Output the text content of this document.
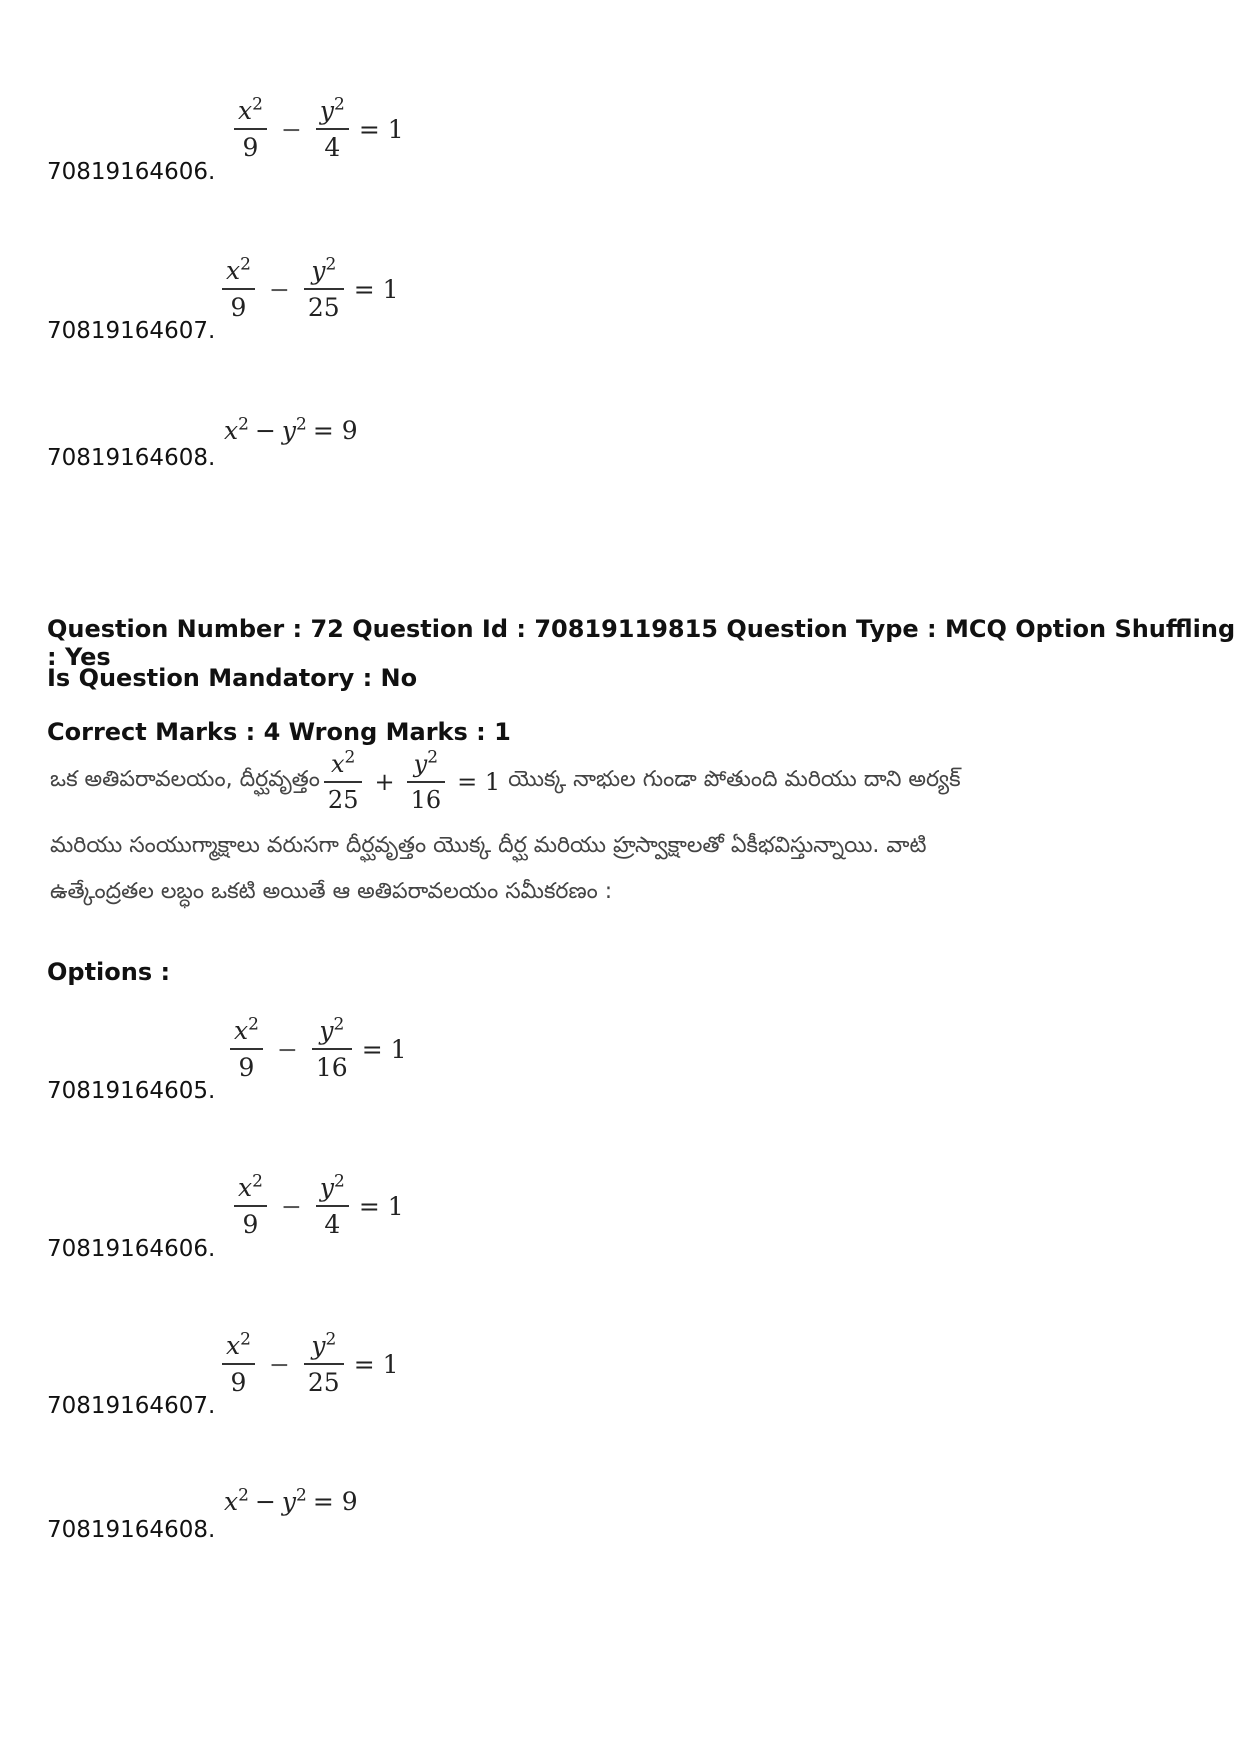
$\frac{x^2}{9} - \frac{y^2}{4} = 1$
70819164606.
$\frac{x^2}{9} - \frac{y^2}{25} = 1$
70819164607.
$x^2 - y^2 = 9$
70819164608.
Question Number : 72 Question Id : 70819119815 Question Type : MCQ Option Shuffling : Yes
Is Question Mandatory : No
Correct Marks : 4 Wrong Marks : 1
ఒక అతిపరావలయం, దీర్ఘవృత్తం $\frac{x^2}{25} + \frac{y^2}{16} = 1$ యొక్క నాభుల గుండా పోతుంది మరియు దాని అర్యక్
మరియు సంయుగ్మాక్షాలు వరుసగా దీర్ఘవృత్తం యొక్క దీర్ఘ మరియు హ్రస్వాక్షాలతో ఏకీభవిస్తున్నాయి. వాటి
ఉత్కేంద్రతల లబ్ధం ఒకటి అయితే ఆ అతిపరావలయం సమీకరణం :
Options :
$\frac{x^2}{9} - \frac{y^2}{16} = 1$
70819164605.
$\frac{x^2}{9} - \frac{y^2}{4} = 1$
70819164606.
$\frac{x^2}{9} - \frac{y^2}{25} = 1$
70819164607.
$x^2 - y^2 = 9$
70819164608.
